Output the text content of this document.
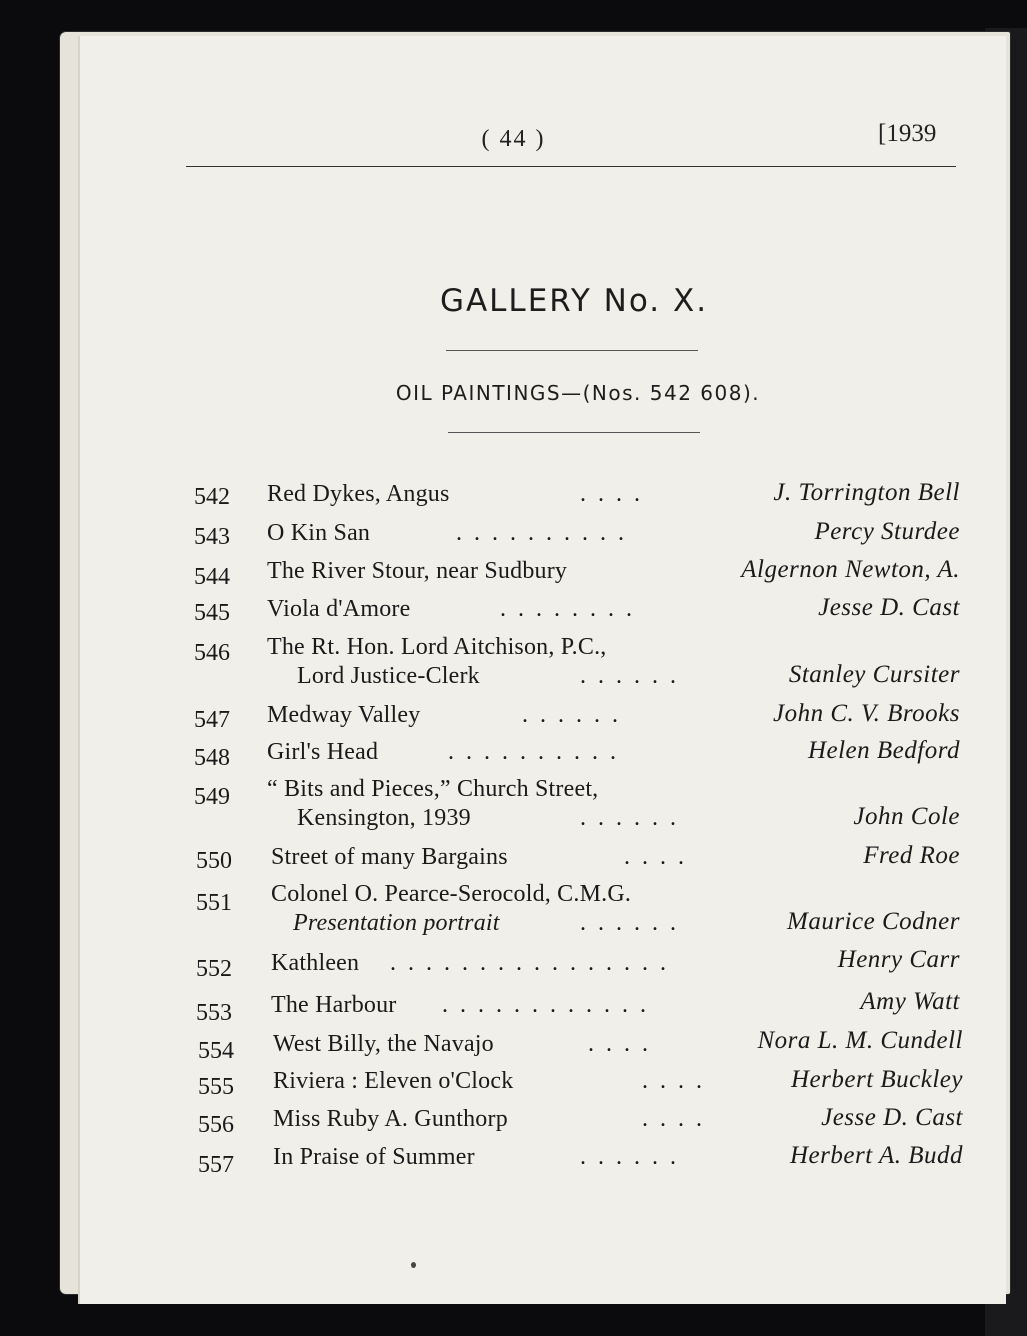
( 44 )	[1939
GALLERY No. X.
OIL PAINTINGS—(Nos. 542 608).
542 Red Dykes, Angus	. . . .	J. Torrington Bell
543 O Kin San	. . . . . . . . . .	Percy Sturdee
544 The River Stour, near Sudbury	Algernon Newton, A.
545 Viola d'Amore	. . . . . . . .	Jesse D. Cast
546 The Rt. Hon. Lord Aitchison, P.C.,
Lord Justice-Clerk	. . . . . .	Stanley Cursiter
547 Medway Valley	. . . . . .	John C. V. Brooks
548 Girl's Head	. . . . . . . . . .	Helen Bedford
549 “ Bits and Pieces,” Church Street,
Kensington, 1939	. . . . . .	John Cole
550 Street of many Bargains	. . . .	Fred Roe
551 Colonel O. Pearce-Serocold, C.M.G.
Presentation portrait	. . . . . .	Maurice Codner
552 Kathleen . . . . . . . . . . . . . . . .	Henry Carr
553 The Harbour . . . . . . . . . . . .	Amy Watt
554 West Billy, the Navajo	. . . .	Nora L. M. Cundell
555 Riviera : Eleven o'Clock	. . . .	Herbert Buckley
556 Miss Ruby A. Gunthorp	. . . .	Jesse D. Cast
557 In Praise of Summer	. . . . . .	Herbert A. Budd
